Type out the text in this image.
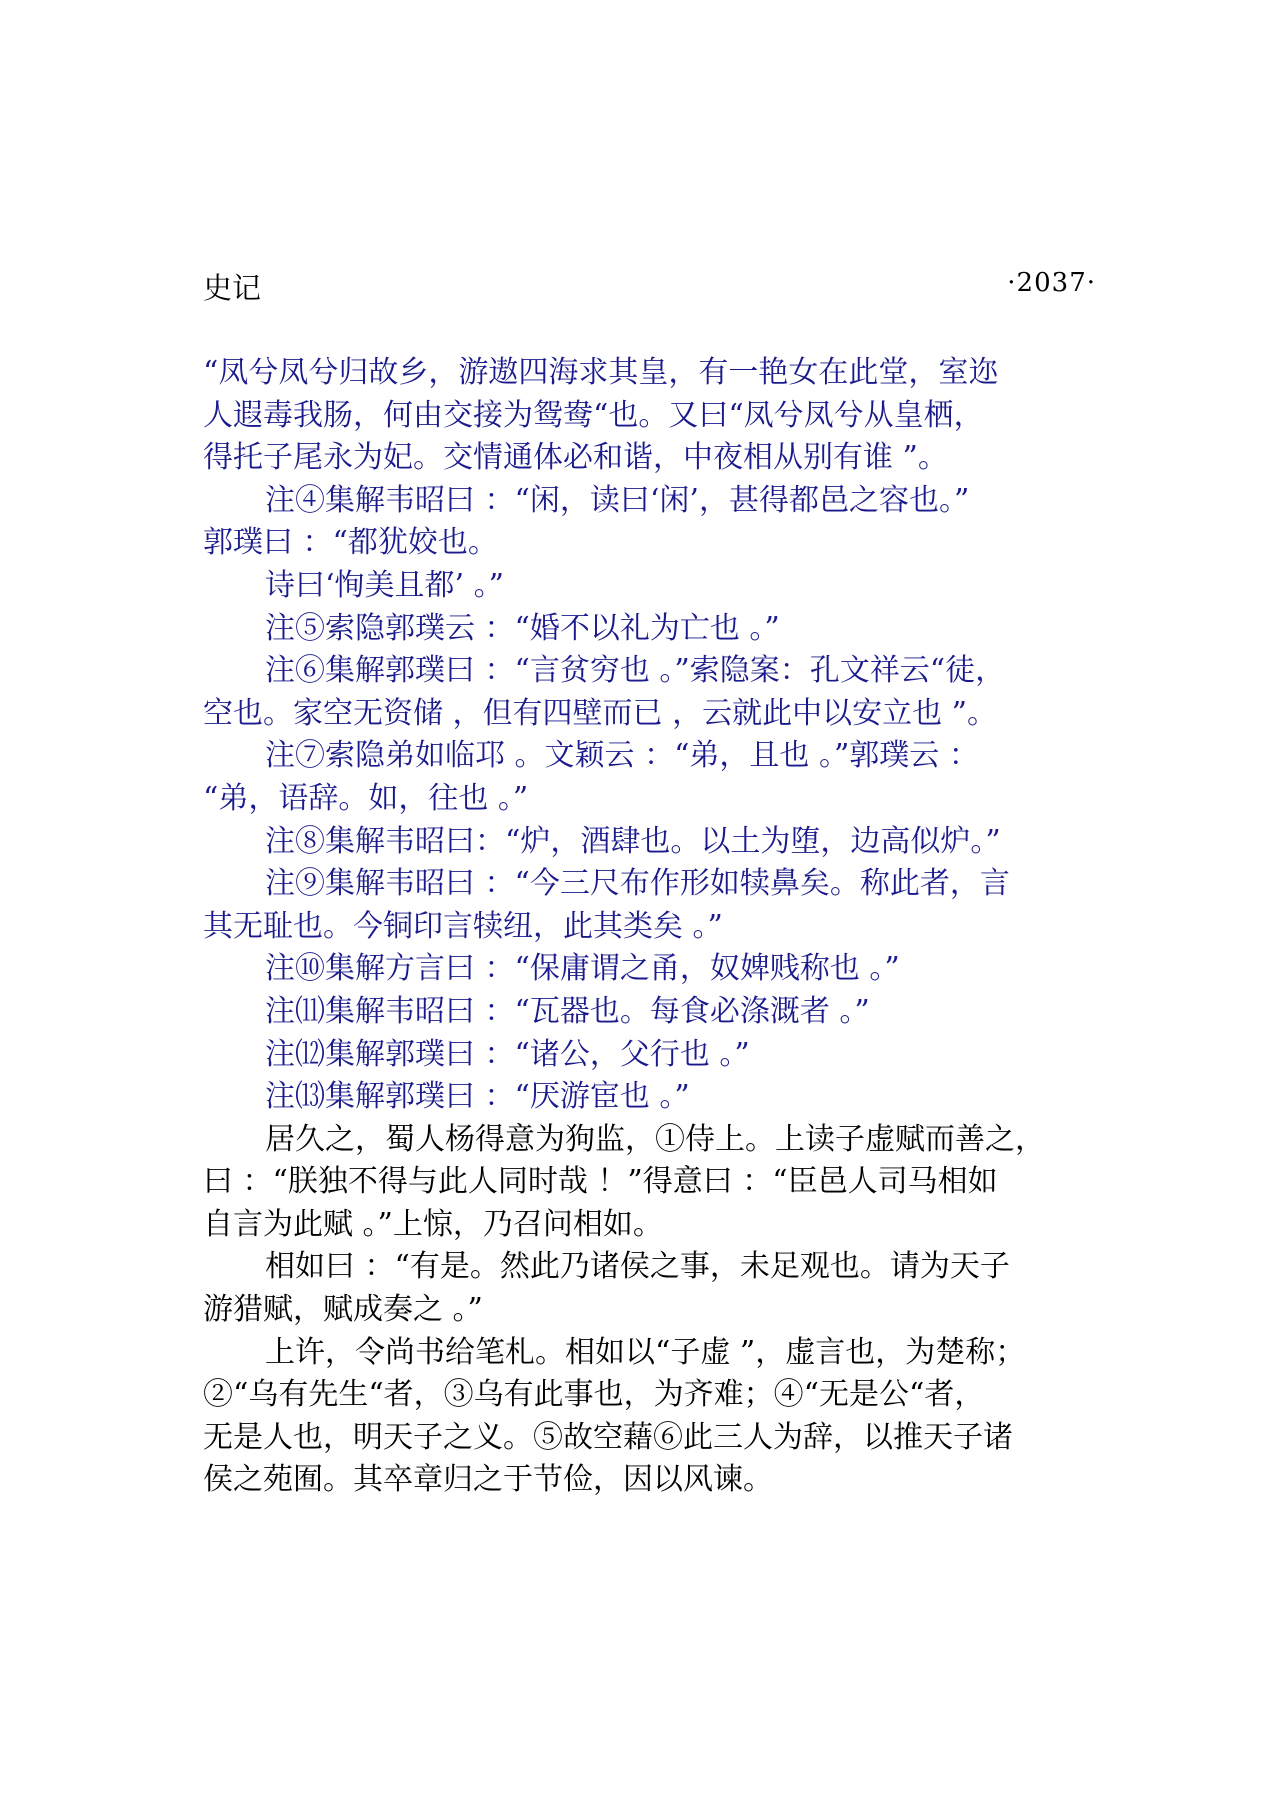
史记	·2037·
“凤兮凤兮归故乡，游遨四海求其皇，有一艳女在此堂，室迩
人遐毒我肠，何由交接为鸳鸯“也。又曰“凤兮凤兮从皇栖，
得托子尾永为妃。交情通体必和谐，中夜相从别有谁 ”。
注④集解韦昭曰 ：“闲，读曰‘闲’，甚得都邑之容也。”
郭璞曰 ：“都犹姣也。
诗曰‘恂美且都’ 。”
注⑤索隐郭璞云 ：“婚不以礼为亡也 。”
注⑥集解郭璞曰 ：“言贫穷也 。”索隐案：孔文祥云“徒，
空也。家空无资储 ，但有四壁而已 ，云就此中以安立也 ”。
注⑦索隐弟如临邛 。文颖云 ：“弟，且也 。”郭璞云 ：
“弟，语辞。如，往也 。”
注⑧集解韦昭曰：“炉，酒肆也。以土为堕，边高似炉。”
注⑨集解韦昭曰 ：“今三尺布作形如犊鼻矣。称此者，言
其无耻也。今铜印言犊纽，此其类矣 。”
注⑩集解方言曰 ：“保庸谓之甬，奴婢贱称也 。”
注⑾集解韦昭曰 ：“瓦器也。每食必涤溉者 。”
注⑿集解郭璞曰 ：“诸公，父行也 。”
注⒀集解郭璞曰 ：“厌游宦也 。”
居久之，蜀人杨得意为狗监，①侍上。上读子虚赋而善之，
曰 ：“朕独不得与此人同时哉 ！”得意曰 ：“臣邑人司马相如
自言为此赋 。”上惊，乃召问相如。
相如曰 ：“有是。然此乃诸侯之事，未足观也。请为天子
游猎赋，赋成奏之 。”
上许，令尚书给笔札。相如以“子虚 ”，虚言也，为楚称；
②“乌有先生“者，③乌有此事也，为齐难；④“无是公“者，
无是人也，明天子之义。⑤故空藉⑥此三人为辞，以推天子诸
侯之苑囿。其卒章归之于节俭，因以风谏。
